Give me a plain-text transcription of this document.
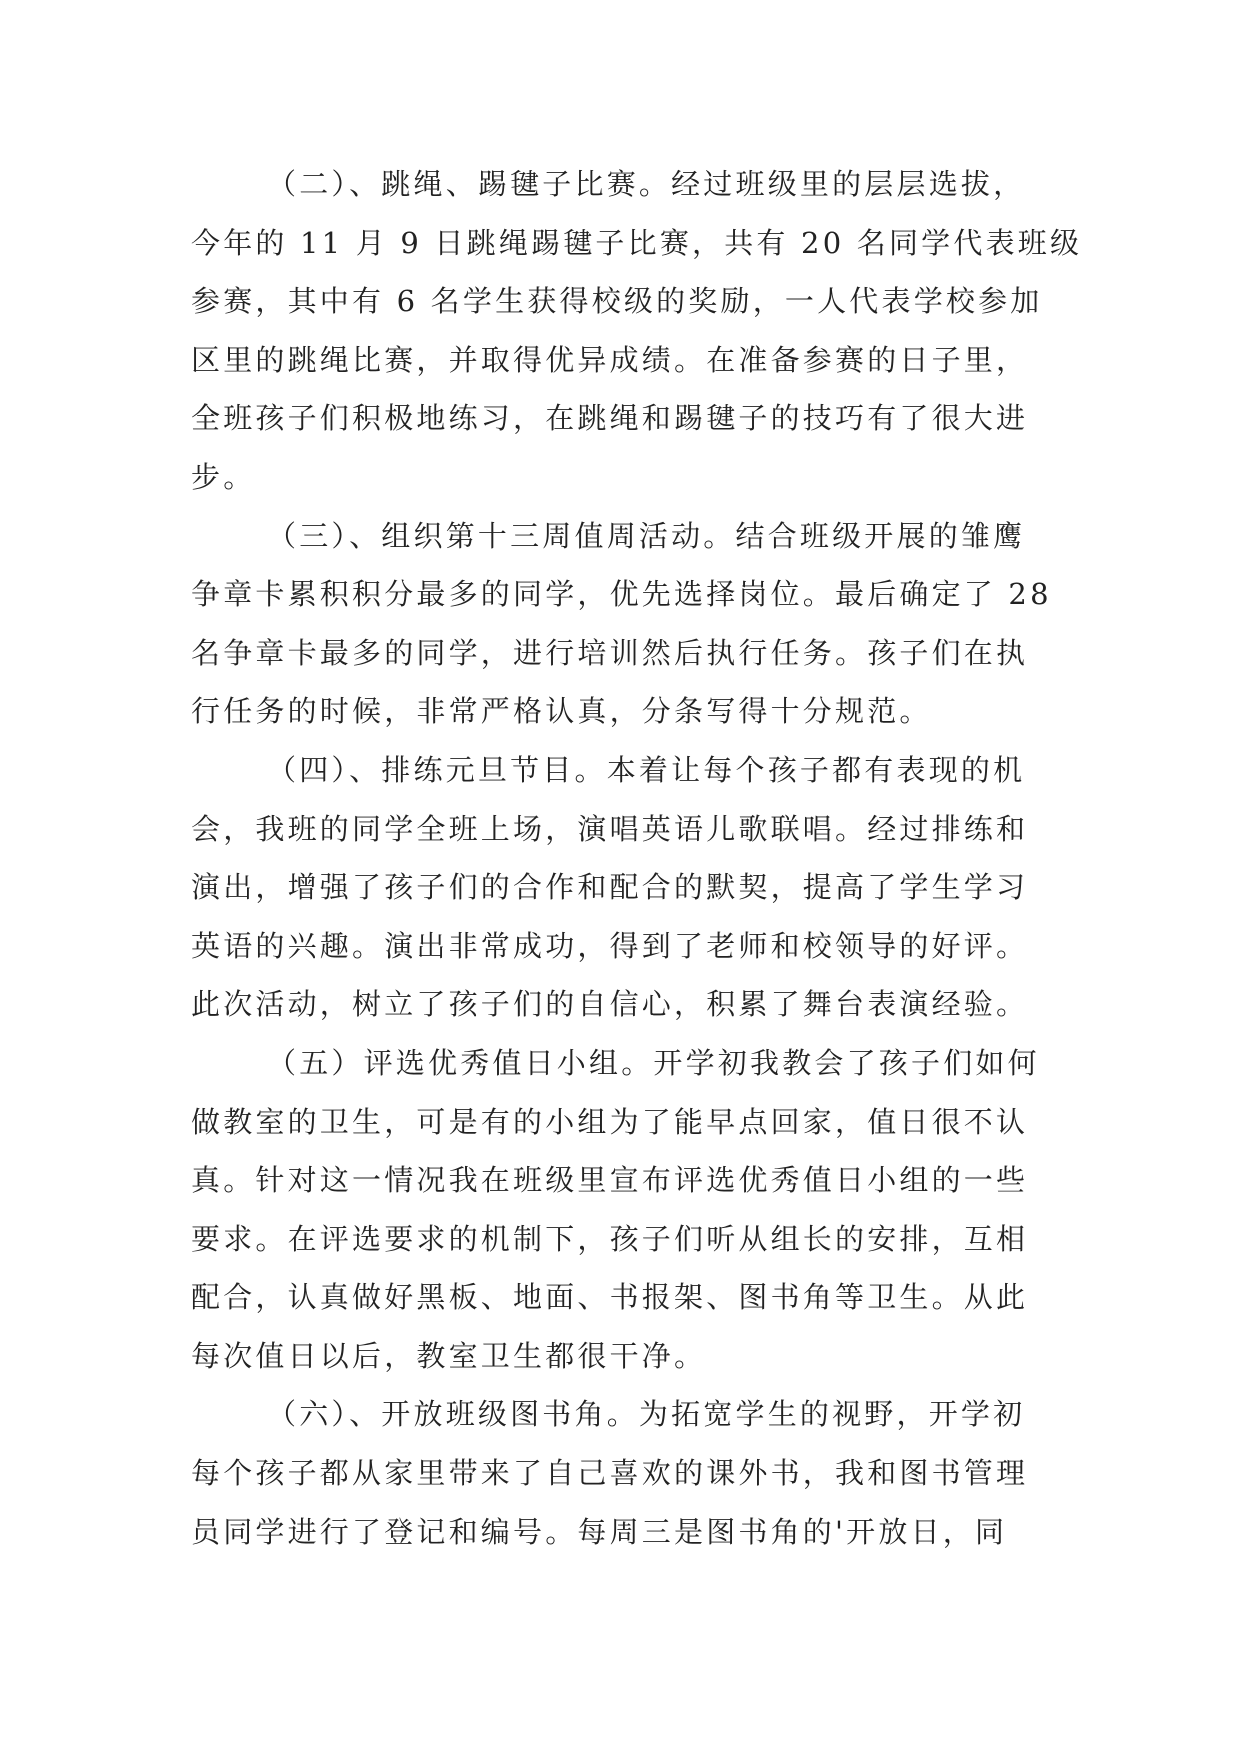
（二）、跳绳、踢毽子比赛。经过班级里的层层选拔，
今年的 11 月 9 日跳绳踢毽子比赛，共有 20 名同学代表班级
参赛，其中有 6 名学生获得校级的奖励，一人代表学校参加
区里的跳绳比赛，并取得优异成绩。在准备参赛的日子里，
全班孩子们积极地练习，在跳绳和踢毽子的技巧有了很大进
步。
（三）、组织第十三周值周活动。结合班级开展的雏鹰
争章卡累积积分最多的同学，优先选择岗位。最后确定了 28
名争章卡最多的同学，进行培训然后执行任务。孩子们在执
行任务的时候，非常严格认真，分条写得十分规范。
（四）、排练元旦节目。本着让每个孩子都有表现的机
会，我班的同学全班上场，演唱英语儿歌联唱。经过排练和
演出，增强了孩子们的合作和配合的默契，提高了学生学习
英语的兴趣。演出非常成功，得到了老师和校领导的好评。
此次活动，树立了孩子们的自信心，积累了舞台表演经验。
（五）评选优秀值日小组。开学初我教会了孩子们如何
做教室的卫生，可是有的小组为了能早点回家，值日很不认
真。针对这一情况我在班级里宣布评选优秀值日小组的一些
要求。在评选要求的机制下，孩子们听从组长的安排，互相
配合，认真做好黑板、地面、书报架、图书角等卫生。从此
每次值日以后，教室卫生都很干净。
（六）、开放班级图书角。为拓宽学生的视野，开学初
每个孩子都从家里带来了自己喜欢的课外书，我和图书管理
员同学进行了登记和编号。每周三是图书角的'开放日，同
